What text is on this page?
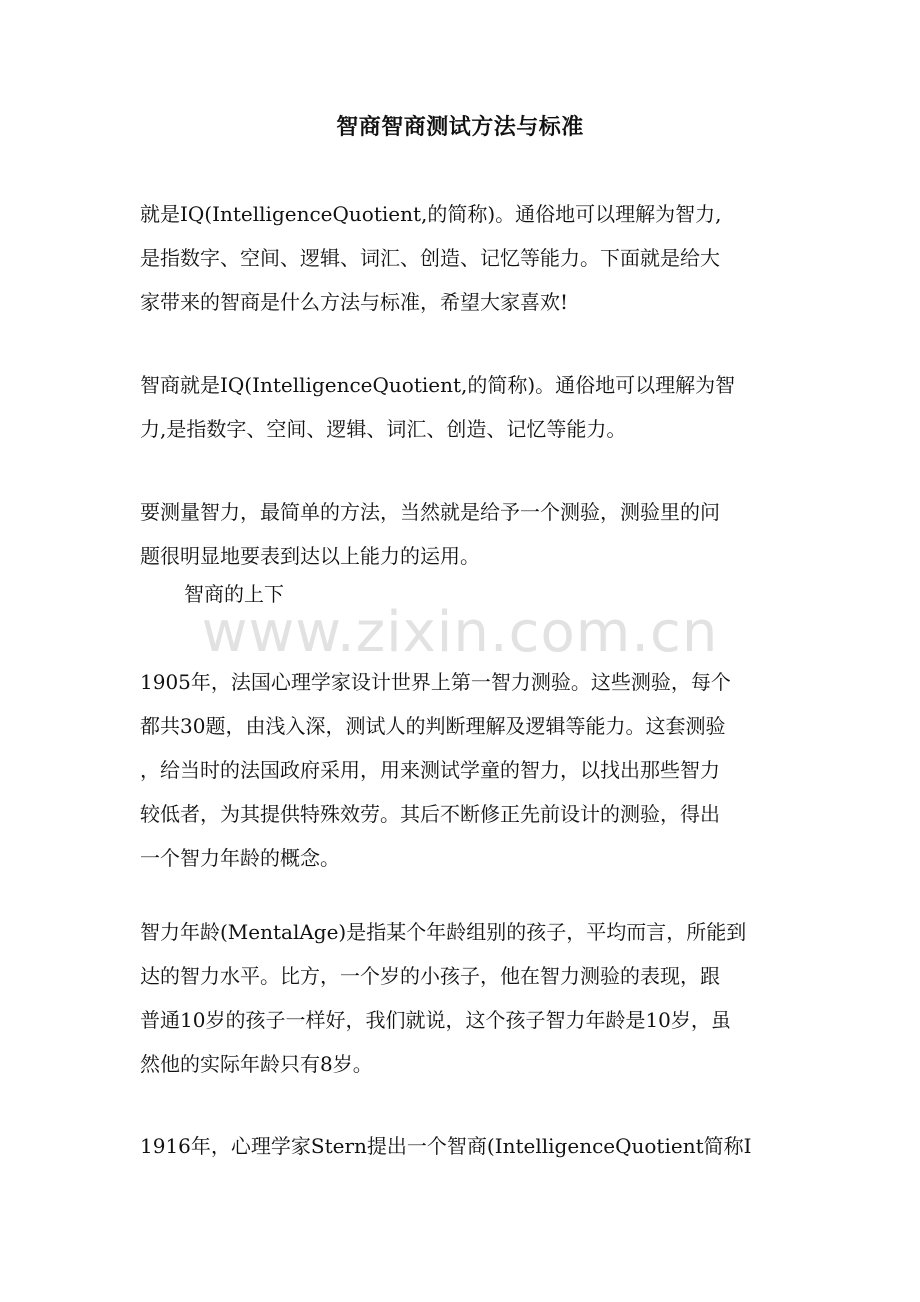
智商智商测试方法与标准
就是IQ(IntelligenceQuotient,的简称)。通俗地可以理解为智力,
是指数字、空间、逻辑、词汇、创造、记忆等能力。下面就是给大
家带来的智商是什么方法与标准，希望大家喜欢!
智商就是IQ(IntelligenceQuotient,的简称)。通俗地可以理解为智
力,是指数字、空间、逻辑、词汇、创造、记忆等能力。
要测量智力，最简单的方法，当然就是给予一个测验，测验里的问
题很明显地要表到达以上能力的运用。
智商的上下
www.zixin.com.cn
1905年，法国心理学家设计世界上第一智力测验。这些测验，每个
都共30题，由浅入深，测试人的判断理解及逻辑等能力。这套测验
，给当时的法国政府采用，用来测试学童的智力，以找出那些智力
较低者，为其提供特殊效劳。其后不断修正先前设计的测验，得出
一个智力年龄的概念。
智力年龄(MentalAge)是指某个年龄组别的孩子，平均而言，所能到
达的智力水平。比方，一个岁的小孩子，他在智力测验的表现，跟
普通10岁的孩子一样好，我们就说，这个孩子智力年龄是10岁，虽
然他的实际年龄只有8岁。
1916年，心理学家Stern提出一个智商(IntelligenceQuotient简称I
